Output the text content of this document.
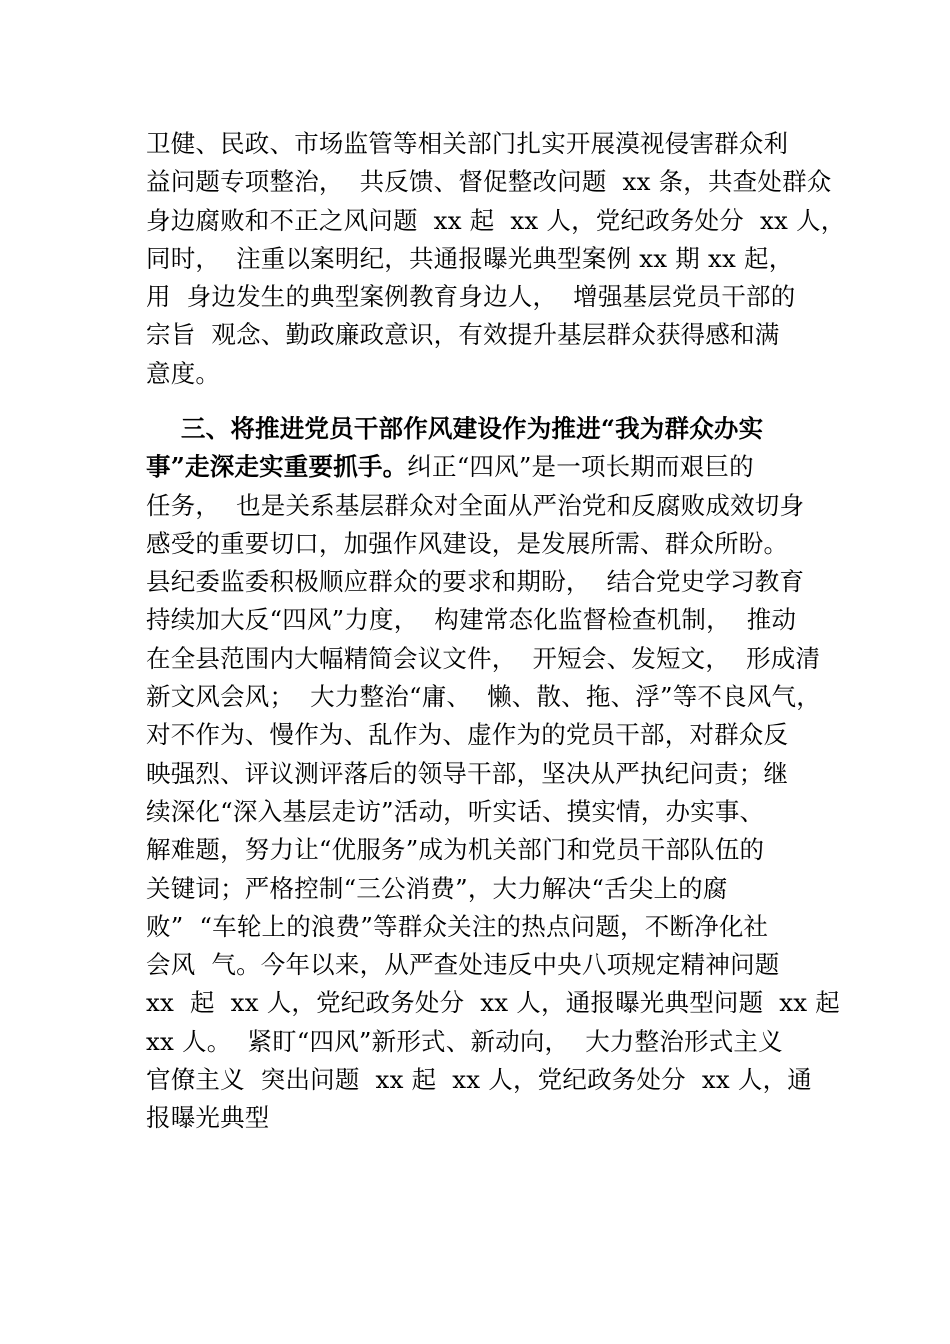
卫健、民政、市场监管等相关部门扎实开展漠视侵害群众利
益问题专项整治，  共反馈、督促整改问题  xx 条，共查处群众
身边腐败和不正之风问题  xx 起  xx 人，党纪政务处分  xx 人，
同时，  注重以案明纪，共通报曝光典型案例 xx 期 xx 起，
用  身边发生的典型案例教育身边人，  增强基层党员干部的
宗旨  观念、勤政廉政意识，有效提升基层群众获得感和满
意度。
三、将推进党员干部作风建设作为推进“我为群众办实
事”走深走实重要抓手。纠正“四风”是一项长期而艰巨的
任务，  也是关系基层群众对全面从严治党和反腐败成效切身
感受的重要切口，加强作风建设，是发展所需、群众所盼。
县纪委监委积极顺应群众的要求和期盼，  结合党史学习教育
持续加大反“四风”力度，  构建常态化监督检查机制，  推动
在全县范围内大幅精简会议文件，  开短会、发短文，  形成清
新文风会风；  大力整治“庸、  懒、散、拖、浮”等不良风气，
对不作为、慢作为、乱作为、虚作为的党员干部，对群众反
映强烈、评议测评落后的领导干部，坚决从严执纪问责；继
续深化“深入基层走访”活动，听实话、摸实情，办实事、
解难题，努力让“优服务”成为机关部门和党员干部队伍的
关键词；严格控制“三公消费”，大力解决“舌尖上的腐
败”  “车轮上的浪费”等群众关注的热点问题，不断净化社
会风  气。今年以来，从严查处违反中央八项规定精神问题
xx  起  xx 人，党纪政务处分  xx 人，通报曝光典型问题  xx 起
xx 人。  紧盯“四风”新形式、新动向，  大力整治形式主义
官僚主义  突出问题  xx 起  xx 人，党纪政务处分  xx 人，通
报曝光典型
